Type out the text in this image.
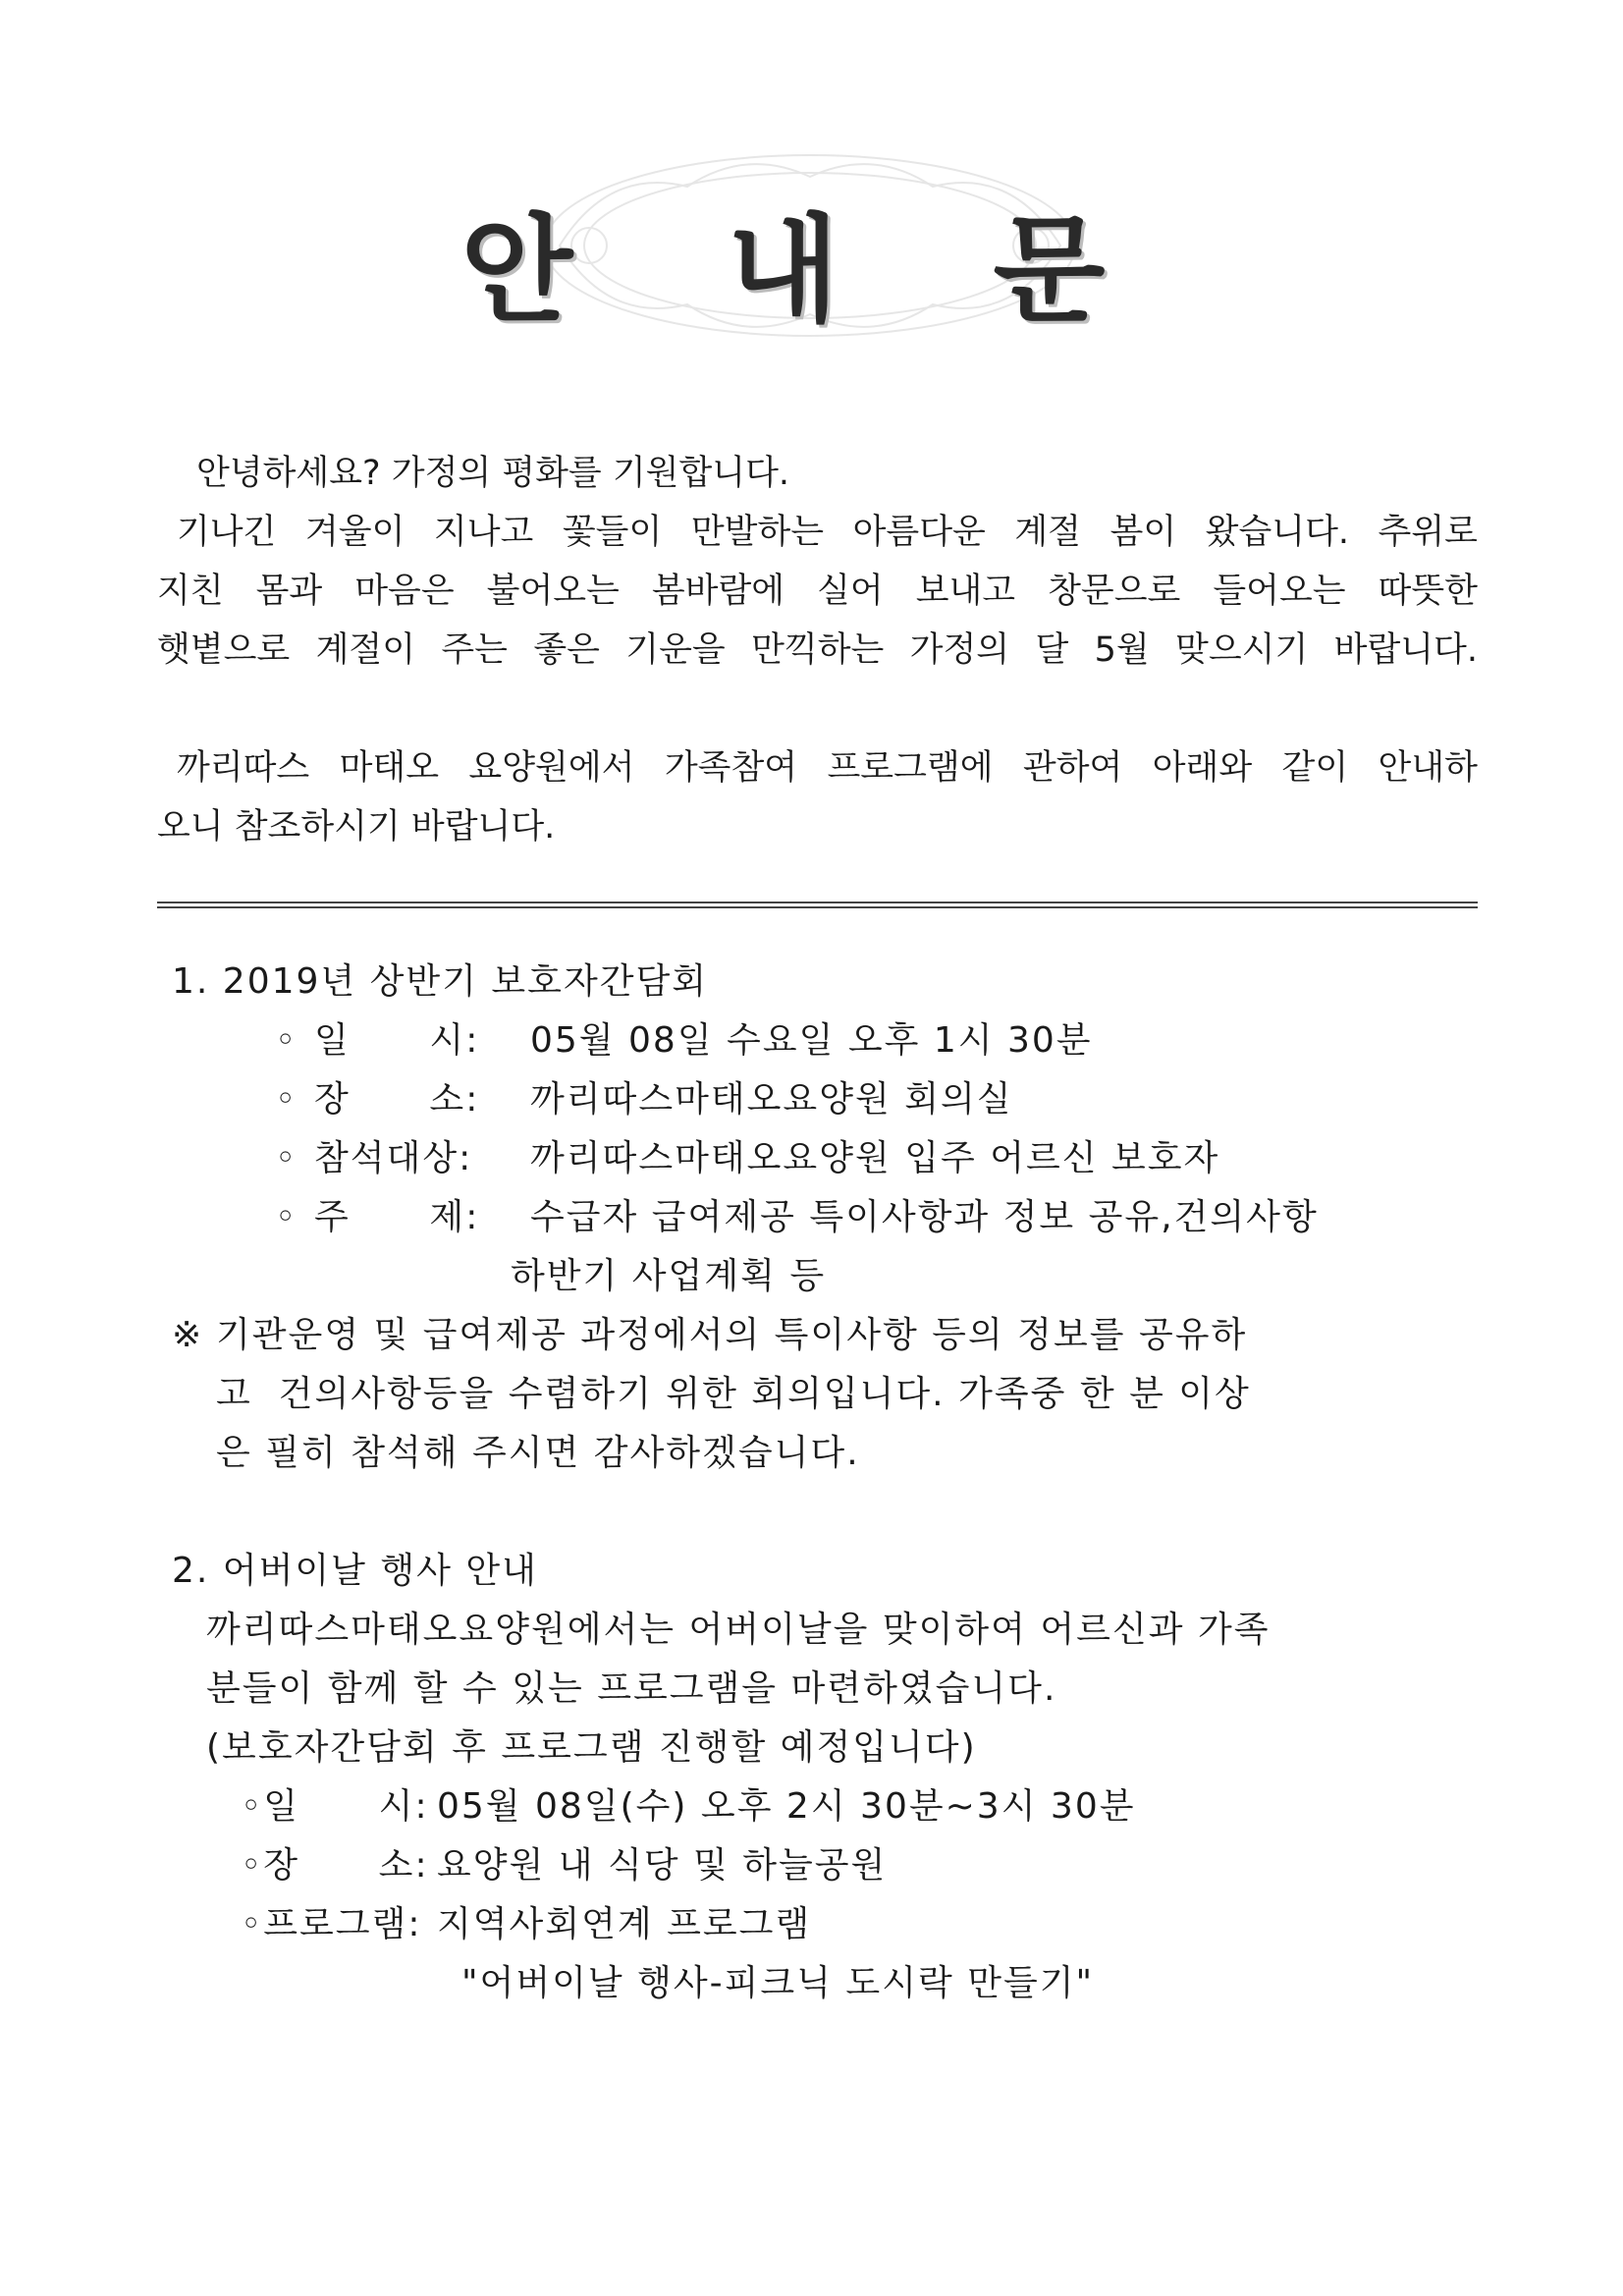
안 내 문

안녕하세요? 가정의 평화를 기원합니다.

기나긴 겨울이 지나고 꽃들이 만발하는 아름다운 계절 봄이 왔습니다. 추위로

지친 몸과 마음은 불어오는 봄바람에 실어 보내고 창문으로 들어오는 따뜻한

햇볕으로 계절이 주는 좋은 기운을 만끽하는 가정의 달 5월 맞으시기 바랍니다.

까리따스 마태오 요양원에서 가족참여 프로그램에 관하여 아래와 같이 안내하

오니 참조하시기 바랍니다.

1. 2019년 상반기 보호자간담회
◦ 일      시: 05월 08일 수요일 오후 1시 30분
◦ 장      소: 까리따스마태오요양원 회의실
◦ 참석대상: 까리따스마태오요양원 입주 어르신 보호자
◦ 주      제: 수급자 급여제공 특이사항과 정보 공유,건의사항
하반기 사업계획 등
※ 기관운영 및 급여제공 과정에서의 특이사항 등의 정보를 공유하
고  건의사항등을 수렴하기 위한 회의입니다. 가족중 한 분 이상
은 필히 참석해 주시면 감사하겠습니다.
2. 어버이날 행사 안내
까리따스마태오요양원에서는 어버이날을 맞이하여 어르신과 가족
분들이 함께 할 수 있는 프로그램을 마련하였습니다.
(보호자간담회 후 프로그램 진행할 예정입니다)
◦일      시: 05월 08일(수) 오후 2시 30분~3시 30분
◦장      소: 요양원 내 식당 및 하늘공원
◦프로그램: 지역사회연계 프로그램
"어버이날 행사-피크닉 도시락 만들기"
